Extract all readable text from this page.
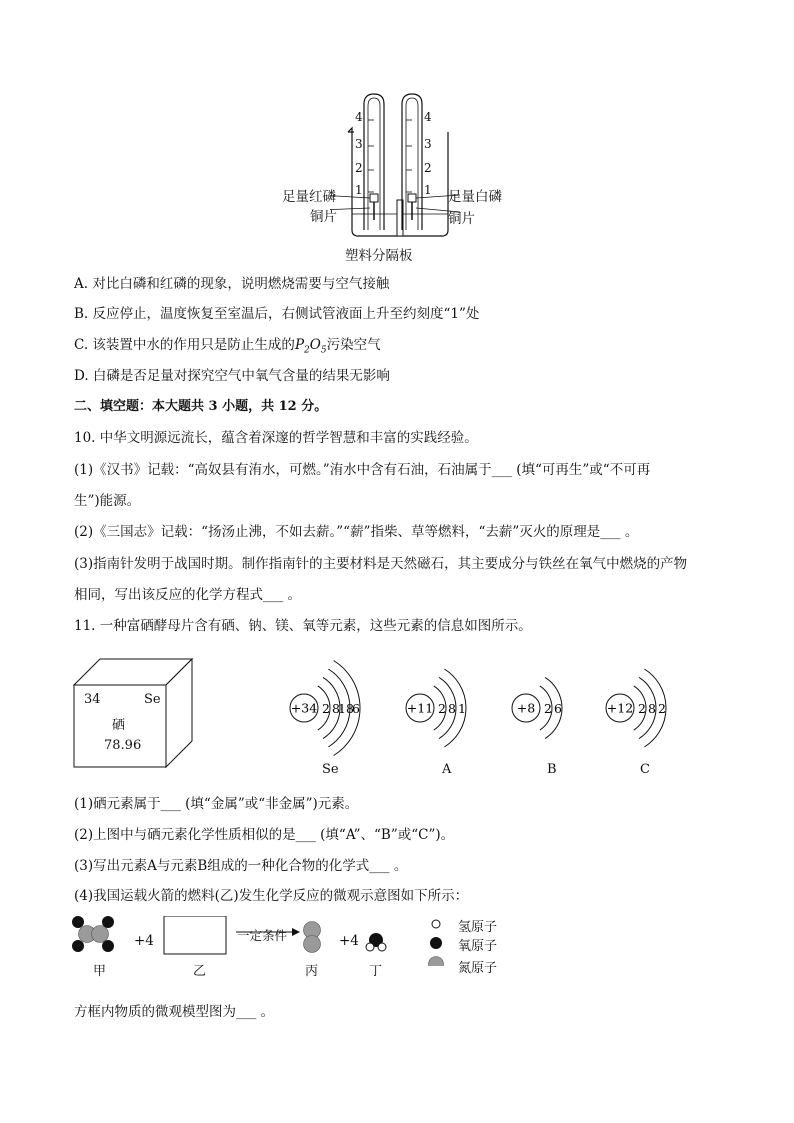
4
3
2
1
4
3
2
1
足量红磷
铜片
足量白磷
铜片
塑料分隔板
A. 对比白磷和红磷的现象，说明燃烧需要与空气接触
B. 反应停止，温度恢复至室温后，右侧试管液面上升至约刻度“1”处
C. 该装置中水的作用只是防止生成的$P_2O_5$污染空气
D. 白磷是否足量对探究空气中氧气含量的结果无影响
二、填空题：本大题共 3 小题，共 12 分。
10. 中华文明源远流长，蕴含着深邃的哲学智慧和丰富的实践经验。
(1)《汉书》记载：“高奴县有洧水，可燃。”洧水中含有石油，石油属于___ (填“可再生”或“不可再
生”)能源。
(2)《三国志》记载：“扬汤止沸，不如去薪。”“薪”指柴、草等燃料，“去薪”灭火的原理是___ 。
(3)指南针发明于战国时期。制作指南针的主要材料是天然磁石，其主要成分与铁丝在氧气中燃烧的产物
相同，写出该反应的化学方程式___ 。
11. 一种富硒酵母片含有硒、钠、镁、氧等元素，这些元素的信息如图所示。
34	Se
硒
78.96
+34 2 8
18
6	+11 2 8 1	+8 2 6	+12 2 8 2
Se	A	B	C
(1)硒元素属于___ (填“金属”或“非金属”)元素。
(2)上图中与硒元素化学性质相似的是___ (填“A”、“B”或“C”)。
(3)写出元素A与元素B组成的一种化合物的化学式___ 。
(4)我国运载火箭的燃料(乙)发生化学反应的微观示意图如下所示：
+4	一定条件	+4
甲	乙	丙	丁
氢原子
氧原子
氮原子
方框内物质的微观模型图为___ 。
